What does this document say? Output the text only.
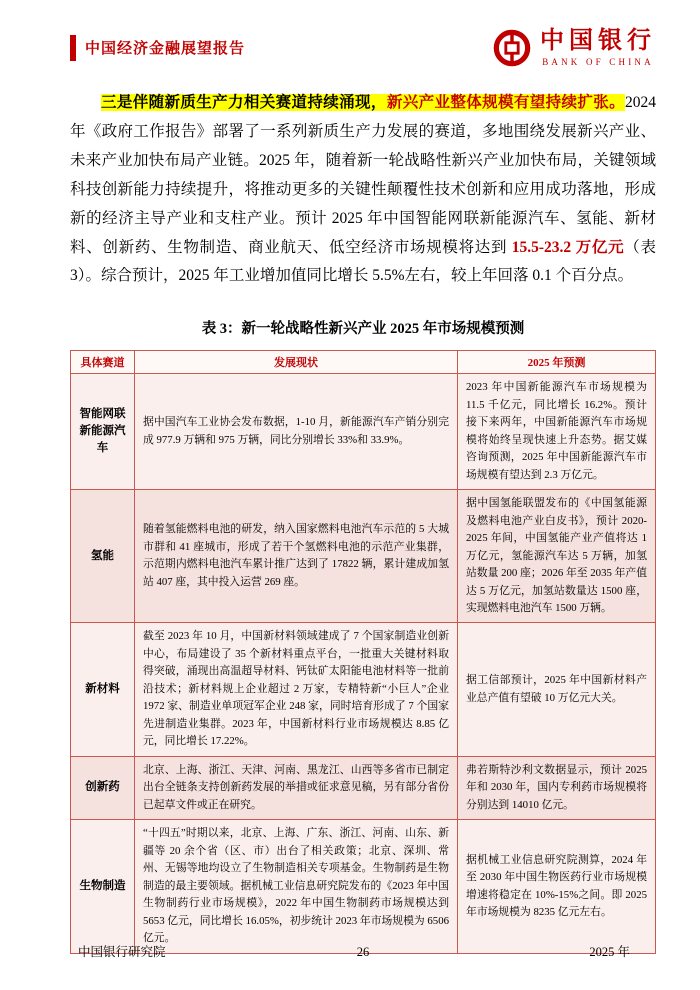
中国经济金融展望报告	中国银行
BANK OF CHINA

三是伴随新质生产力相关赛道持续涌现，新兴产业整体规模有望持续扩张。2024 年《政府工作报告》部署了一系列新质生产力发展的赛道，多地围绕发展新兴产业、未来产业加快布局产业链。2025 年，随着新一轮战略性新兴产业加快布局，关键领域科技创新能力持续提升，将推动更多的关键性颠覆性技术创新和应用成功落地，形成新的经济主导产业和支柱产业。预计 2025 年中国智能网联新能源汽车、氢能、新材料、创新药、生物制造、商业航天、低空经济市场规模将达到 15.5-23.2 万亿元（表 3）。综合预计，2025 年工业增加值同比增长 5.5%左右，较上年回落 0.1 个百分点。

表 3：新一轮战略性新兴产业 2025 年市场规模预测
具体赛道	发展现状	2025 年预测
智能网联新能源汽车	据中国汽车工业协会发布数据，1-10 月，新能源汽车产销分别完成 977.9 万辆和 975 万辆，同比分别增长 33%和 33.9%。	2023 年中国新能源汽车市场规模为 11.5 千亿元，同比增长 16.2%。预计接下来两年，中国新能源汽车市场规模将始终呈现快速上升态势。据艾媒咨询预测，2025 年中国新能源汽车市场规模有望达到 2.3 万亿元。
氢能	随着氢能燃料电池的研发，纳入国家燃料电池汽车示范的 5 大城市群和 41 座城市，形成了若干个氢燃料电池的示范产业集群，示范期内燃料电池汽车累计推广达到了 17822 辆，累计建成加氢站 407 座，其中投入运营 269 座。	据中国氢能联盟发布的《中国氢能源及燃料电池产业白皮书》，预计 2020-2025 年间，中国氢能产业产值将达 1 万亿元，氢能源汽车达 5 万辆，加氢站数量 200 座；2026 年至 2035 年产值达 5 万亿元，加氢站数量达 1500 座，实现燃料电池汽车 1500 万辆。
新材料	截至 2023 年 10 月，中国新材料领域建成了 7 个国家制造业创新中心，布局建设了 35 个新材料重点平台，一批重大关键材料取得突破，涌现出高温超导材料、钙钛矿太阳能电池材料等一批前沿技术；新材料规上企业超过 2 万家，专精特新“小巨人”企业 1972 家、制造业单项冠军企业 248 家，同时培育形成了 7 个国家先进制造业集群。2023 年，中国新材料行业市场规模达 8.85 亿元，同比增长 17.22%。	据工信部预计，2025 年中国新材料产业总产值有望破 10 万亿元大关。
创新药	北京、上海、浙江、天津、河南、黑龙江、山西等多省市已制定出台全链条支持创新药发展的举措或征求意见稿，另有部分省份已起草文件或正在研究。	弗若斯特沙利文数据显示，预计 2025 年和 2030 年，国内专利药市场规模将分别达到 14010 亿元。
生物制造	“十四五”时期以来，北京、上海、广东、浙江、河南、山东、新疆等 20 余个省（区、市）出台了相关政策；北京、深圳、常州、无锡等地均设立了生物制造相关专项基金。生物制药是生物制造的最主要领域。据机械工业信息研究院发布的《2023 年中国生物制药行业市场规模》，2022 年中国生物制药市场规模达到 5653 亿元，同比增长 16.05%，初步统计 2023 年市场规模为 6506 亿元。	据机械工业信息研究院测算，2024 年至 2030 年中国生物医药行业市场规模增速将稳定在 10%-15%之间。即 2025 年市场规模为 8235 亿元左右。
26
中国银行研究院	2025 年
